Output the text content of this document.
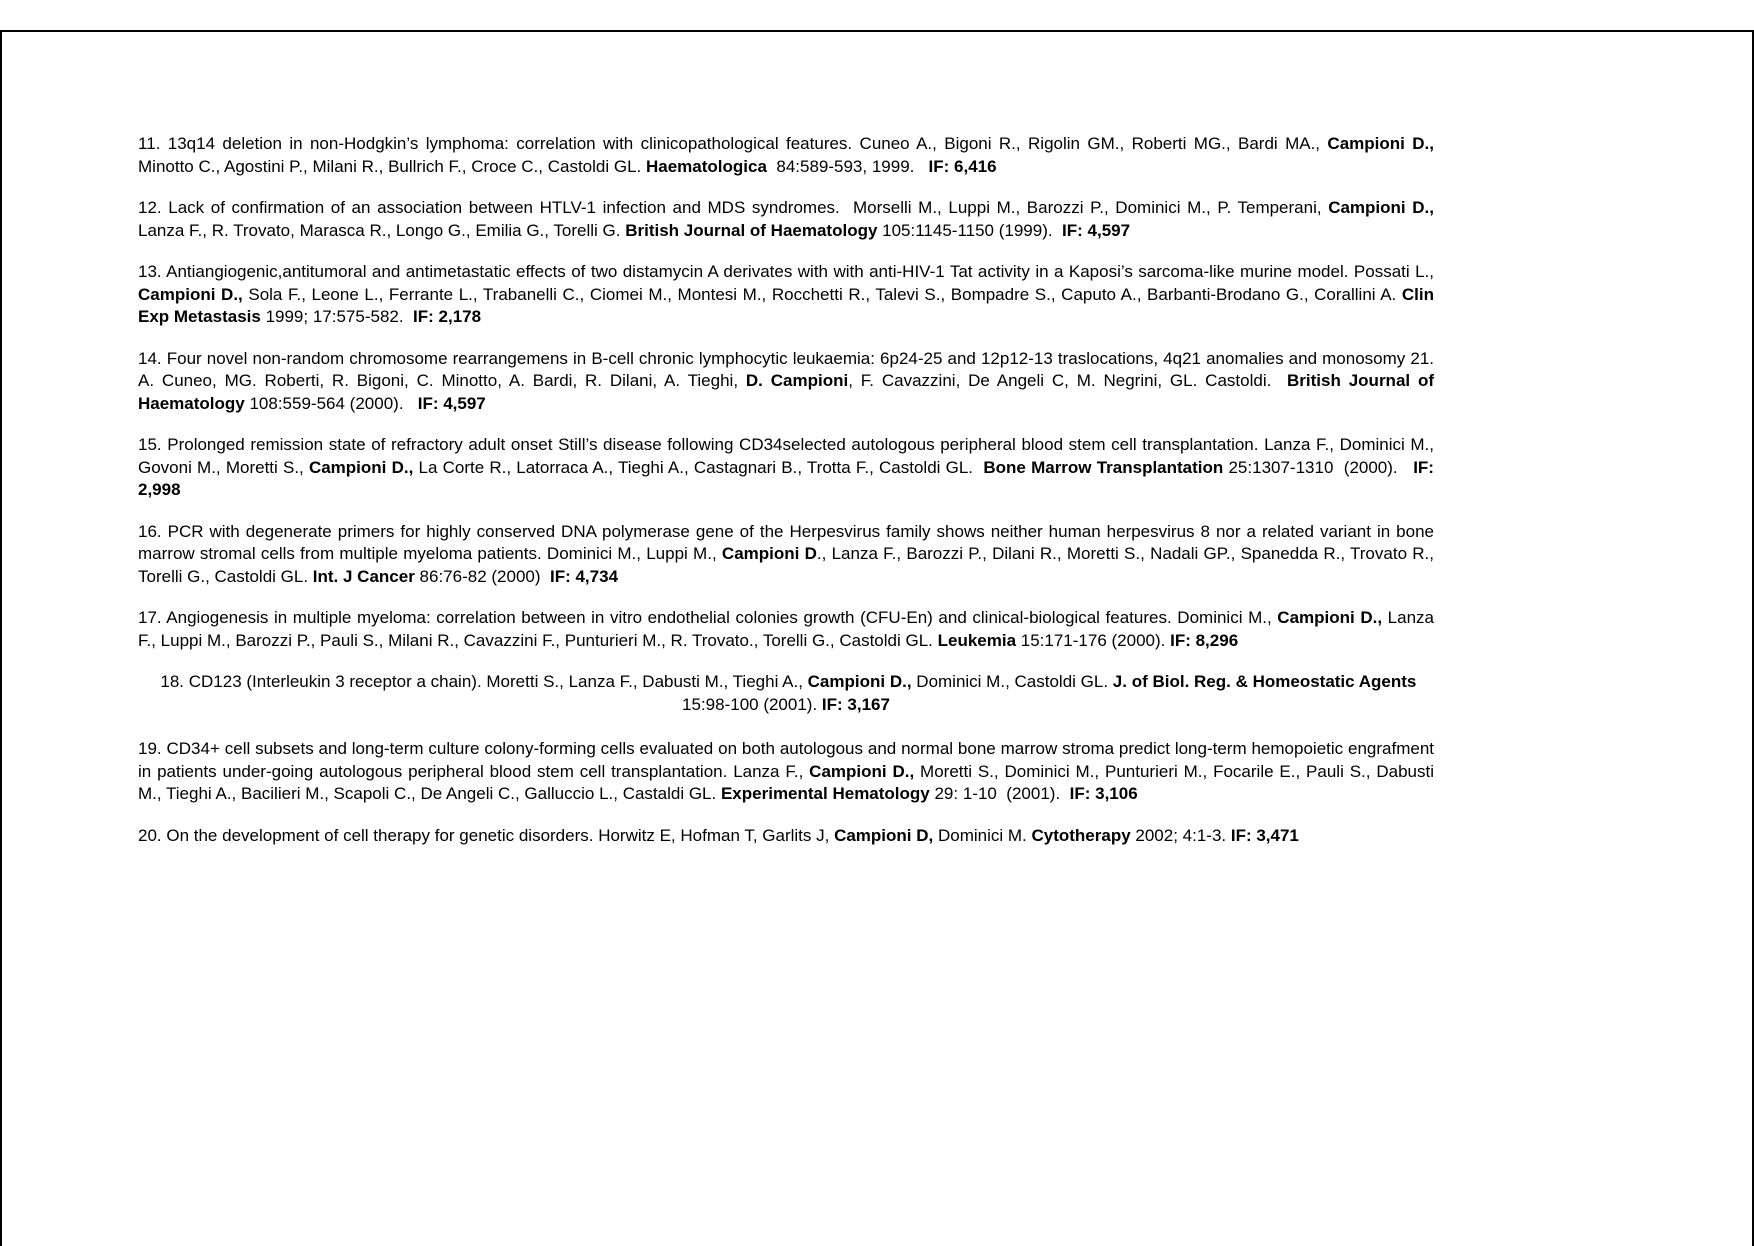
11. 13q14 deletion in non-Hodgkin’s lymphoma: correlation with clinicopathological features. Cuneo A., Bigoni R., Rigolin GM., Roberti MG., Bardi MA., Campioni D., Minotto C., Agostini P., Milani R., Bullrich F., Croce C., Castoldi GL. Haematologica  84:589-593, 1999.   IF: 6,416

12. Lack of confirmation of an association between HTLV-1 infection and MDS syndromes.  Morselli M., Luppi M., Barozzi P., Dominici M., P. Temperani, Campioni D., Lanza F., R. Trovato, Marasca R., Longo G., Emilia G., Torelli G. British Journal of Haematology 105:1145-1150 (1999).  IF: 4,597

13. Antiangiogenic,antitumoral and antimetastatic effects of two distamycin A derivates with with anti-HIV-1 Tat activity in a Kaposi’s sarcoma-like murine model. Possati L., Campioni D., Sola F., Leone L., Ferrante L., Trabanelli C., Ciomei M., Montesi M., Rocchetti R., Talevi S., Bompadre S., Caputo A., Barbanti-Brodano G., Corallini A. Clin Exp Metastasis 1999; 17:575-582.  IF: 2,178

14. Four novel non-random chromosome rearrangemens in B-cell chronic lymphocytic leukaemia: 6p24-25 and 12p12-13 traslocations, 4q21 anomalies and monosomy 21. A. Cuneo, MG. Roberti, R. Bigoni, C. Minotto, A. Bardi, R. Dilani, A. Tieghi, D. Campioni, F. Cavazzini, De Angeli C, M. Negrini, GL. Castoldi.  British Journal of Haematology 108:559-564 (2000).   IF: 4,597

15. Prolonged remission state of refractory adult onset Still’s disease following CD34selected autologous peripheral blood stem cell transplantation. Lanza F., Dominici M., Govoni M., Moretti S., Campioni D., La Corte R., Latorraca A., Tieghi A., Castagnari B., Trotta F., Castoldi GL.  Bone Marrow Transplantation 25:1307-1310  (2000).   IF: 2,998

16. PCR with degenerate primers for highly conserved DNA polymerase gene of the Herpesvirus family shows neither human herpesvirus 8 nor a related variant in bone marrow stromal cells from multiple myeloma patients. Dominici M., Luppi M., Campioni D., Lanza F., Barozzi P., Dilani R., Moretti S., Nadali GP., Spanedda R., Trovato R., Torelli G., Castoldi GL. Int. J Cancer 86:76-82 (2000)  IF: 4,734

17. Angiogenesis in multiple myeloma: correlation between in vitro endothelial colonies growth (CFU-En) and clinical-biological features. Dominici M., Campioni D., Lanza F., Luppi M., Barozzi P., Pauli S., Milani R., Cavazzini F., Punturieri M., R. Trovato., Torelli G., Castoldi GL. Leukemia 15:171-176 (2000). IF: 8,296

18. CD123 (Interleukin 3 receptor a chain). Moretti S., Lanza F., Dabusti M., Tieghi A., Campioni D., Dominici M., Castoldi GL. J. of Biol. Reg. & Homeostatic Agents 15:98-100 (2001). IF: 3,167

19. CD34+ cell subsets and long-term culture colony-forming cells evaluated on both autologous and normal bone marrow stroma predict long-term hemopoietic engrafment in patients under-going autologous peripheral blood stem cell transplantation. Lanza F., Campioni D., Moretti S., Dominici M., Punturieri M., Focarile E., Pauli S., Dabusti M., Tieghi A., Bacilieri M., Scapoli C., De Angeli C., Galluccio L., Castaldi GL. Experimental Hematology 29: 1-10  (2001).  IF: 3,106

20. On the development of cell therapy for genetic disorders. Horwitz E, Hofman T, Garlits J, Campioni D, Dominici M. Cytotherapy 2002; 4:1-3. IF: 3,471
